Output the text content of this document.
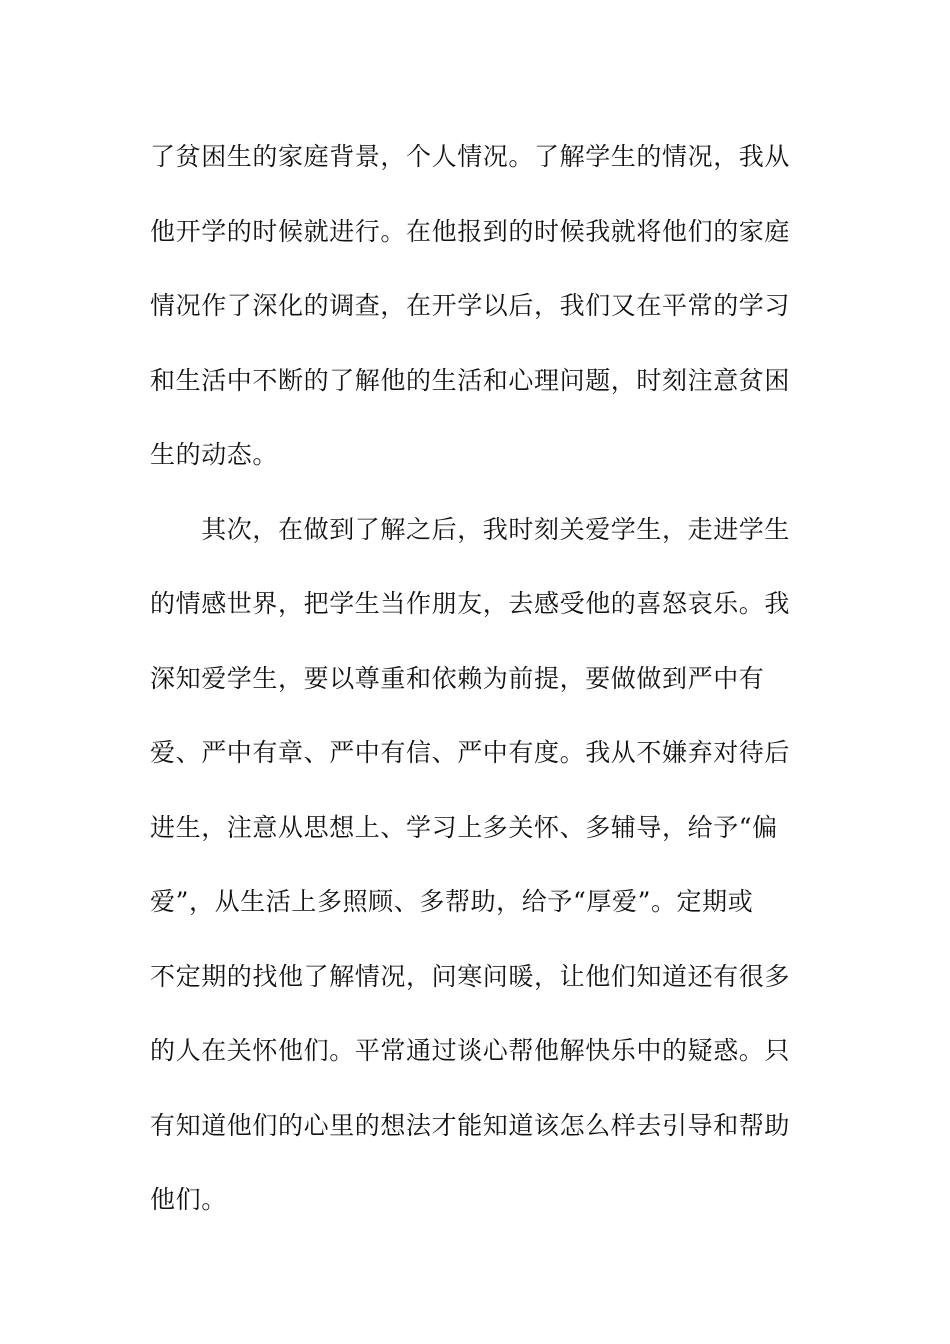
了贫困生的家庭背景，个人情况。了解学生的情况，我从
他开学的时候就进行。在他报到的时候我就将他们的家庭
情况作了深化的调查，在开学以后，我们又在平常的学习
和生活中不断的了解他的生活和心理问题，时刻注意贫困
生的动态。
　　其次，在做到了解之后，我时刻关爱学生，走进学生
的情感世界，把学生当作朋友，去感受他的喜怒哀乐。我
深知爱学生，要以尊重和依赖为前提，要做做到严中有
爱、严中有章、严中有信、严中有度。我从不嫌弃对待后
进生，注意从思想上、学习上多关怀、多辅导，给予“偏
爱”，从生活上多照顾、多帮助，给予“厚爱”。定期或
不定期的找他了解情况，问寒问暖，让他们知道还有很多
的人在关怀他们。平常通过谈心帮他解快乐中的疑惑。只
有知道他们的心里的想法才能知道该怎么样去引导和帮助
他们。
